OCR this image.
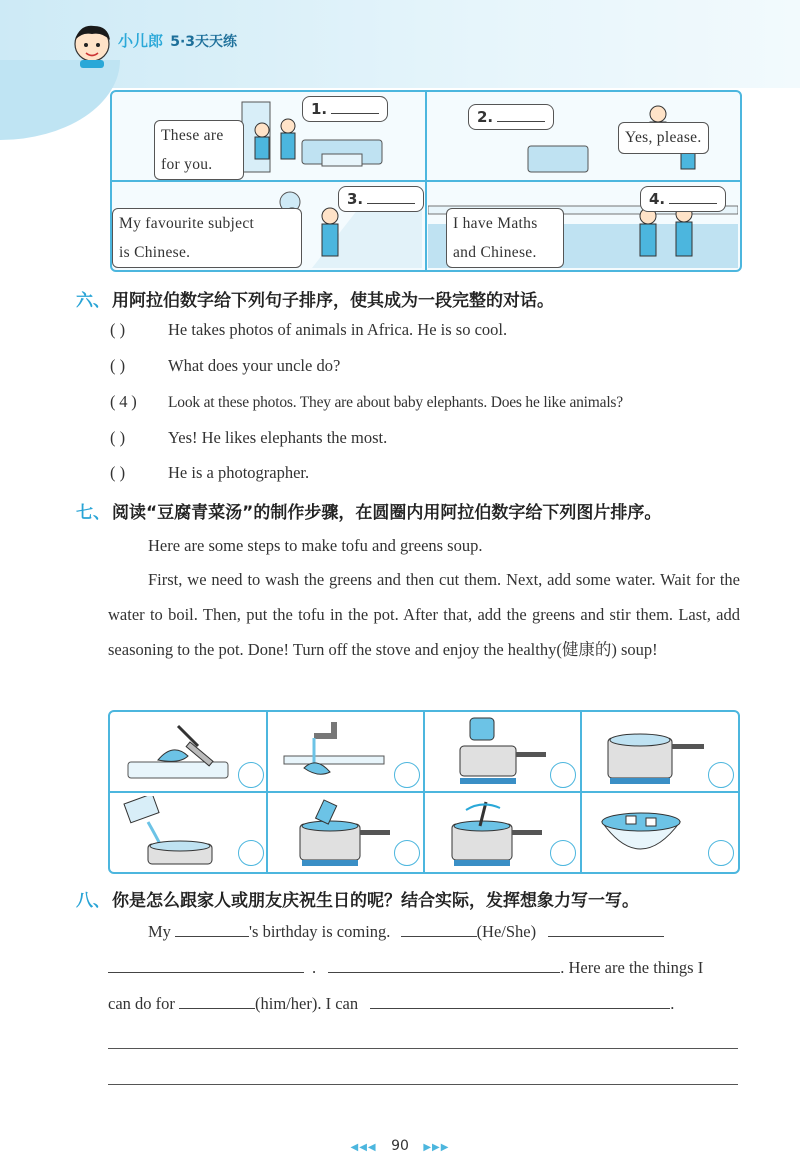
小儿郎 5·3天天练
These are
for you.
1.	2.
Yes, please.
My favourite subject
is Chinese.
3.
I have Maths
and Chinese.
4.
六、 用阿拉伯数字给下列句子排序，使其成为一段完整的对话。
( )	He takes photos of animals in Africa. He is so cool.
( )	What does your uncle do?
( 4 ) Look at these photos. They are about baby elephants. Does he like animals?
( )	Yes! He likes elephants the most.
( )	He is a photographer.
七、 阅读“豆腐青菜汤”的制作步骤，在圆圈内用阿拉伯数字给下列图片排序。
Here are some steps to make tofu and greens soup.
First, we need to wash the greens and then cut them. Next, add some water. Wait for the water to boil. Then, put the tofu in the pot. After that, add the greens and stir them. Last, add seasoning to the pot. Done! Turn off the stove and enjoy the healthy(健康的) soup!
八、 你是怎么跟家人或朋友庆祝生日的呢？结合实际，发挥想象力写一写。
My	's birthday is coming.	(He/She)
.	. Here are the things I
can do for	(him/her). I can	.
◀◀◀ 90 ▶▶▶
